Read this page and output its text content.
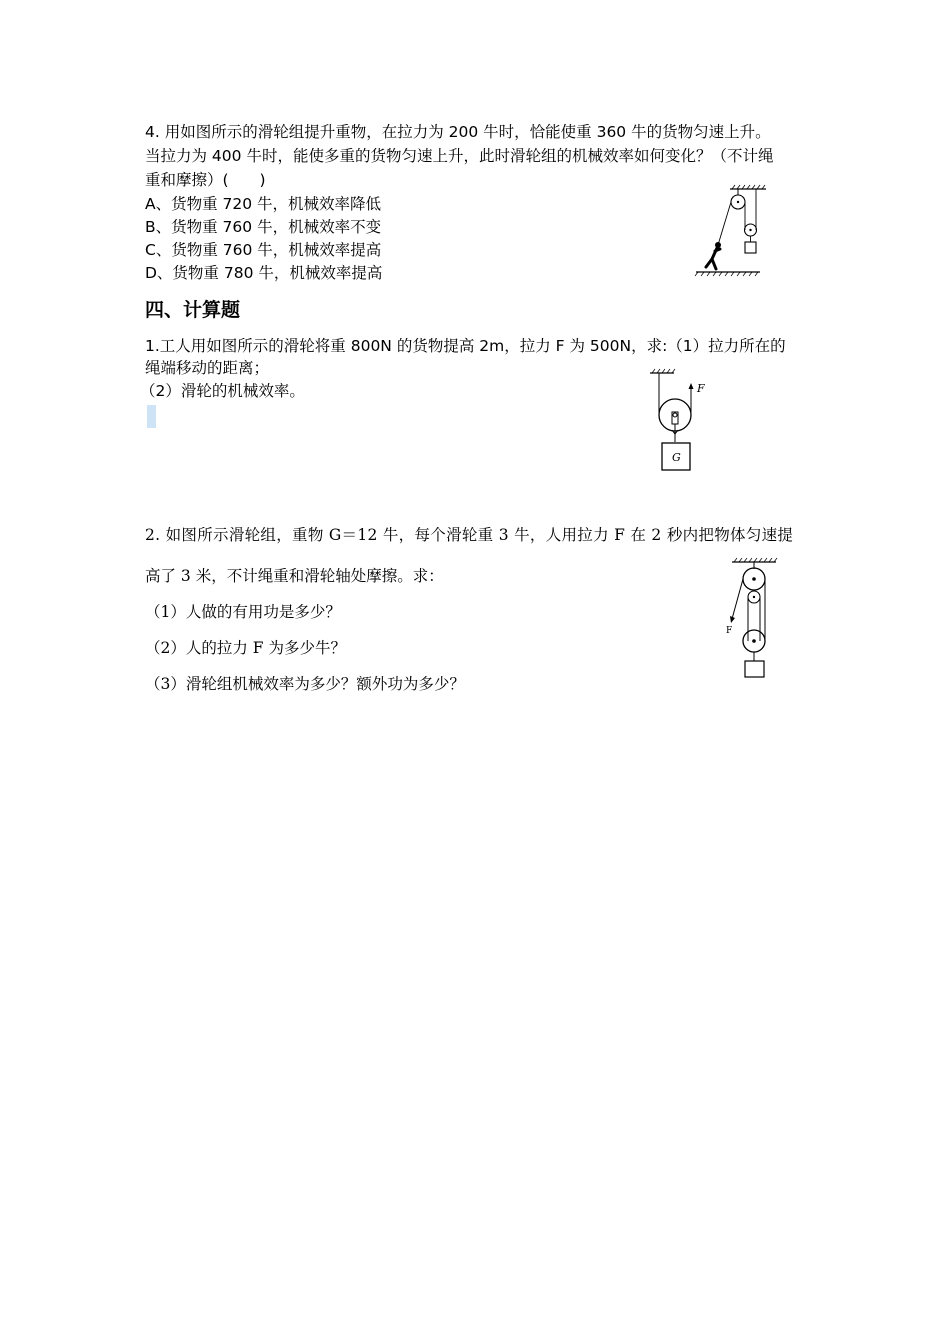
4. 用如图所示的滑轮组提升重物，在拉力为 200 牛时，恰能使重 360 牛的货物匀速上升。
当拉力为 400 牛时，能使多重的货物匀速上升，此时滑轮组的机械效率如何变化？（不计绳
重和摩擦）(　　)
A、货物重 720 牛，机械效率降低
B、货物重 760 牛，机械效率不变
C、货物重 760 牛，机械效率提高
D、货物重 780 牛，机械效率提高
四、计算题
1.工人用如图所示的滑轮将重 800N 的货物提高 2m，拉力 F 为 500N，求:（1）拉力所在的
绳端移动的距离；
（2）滑轮的机械效率。	F
G
2. 如图所示滑轮组，重物 G＝12 牛，每个滑轮重 3 牛，人用拉力 F 在 2 秒内把物体匀速提
高了 3 米，不计绳重和滑轮轴处摩擦。求：
（1）人做的有用功是多少？
（2）人的拉力 F 为多少牛？
（3）滑轮组机械效率为多少？额外功为多少？
F
